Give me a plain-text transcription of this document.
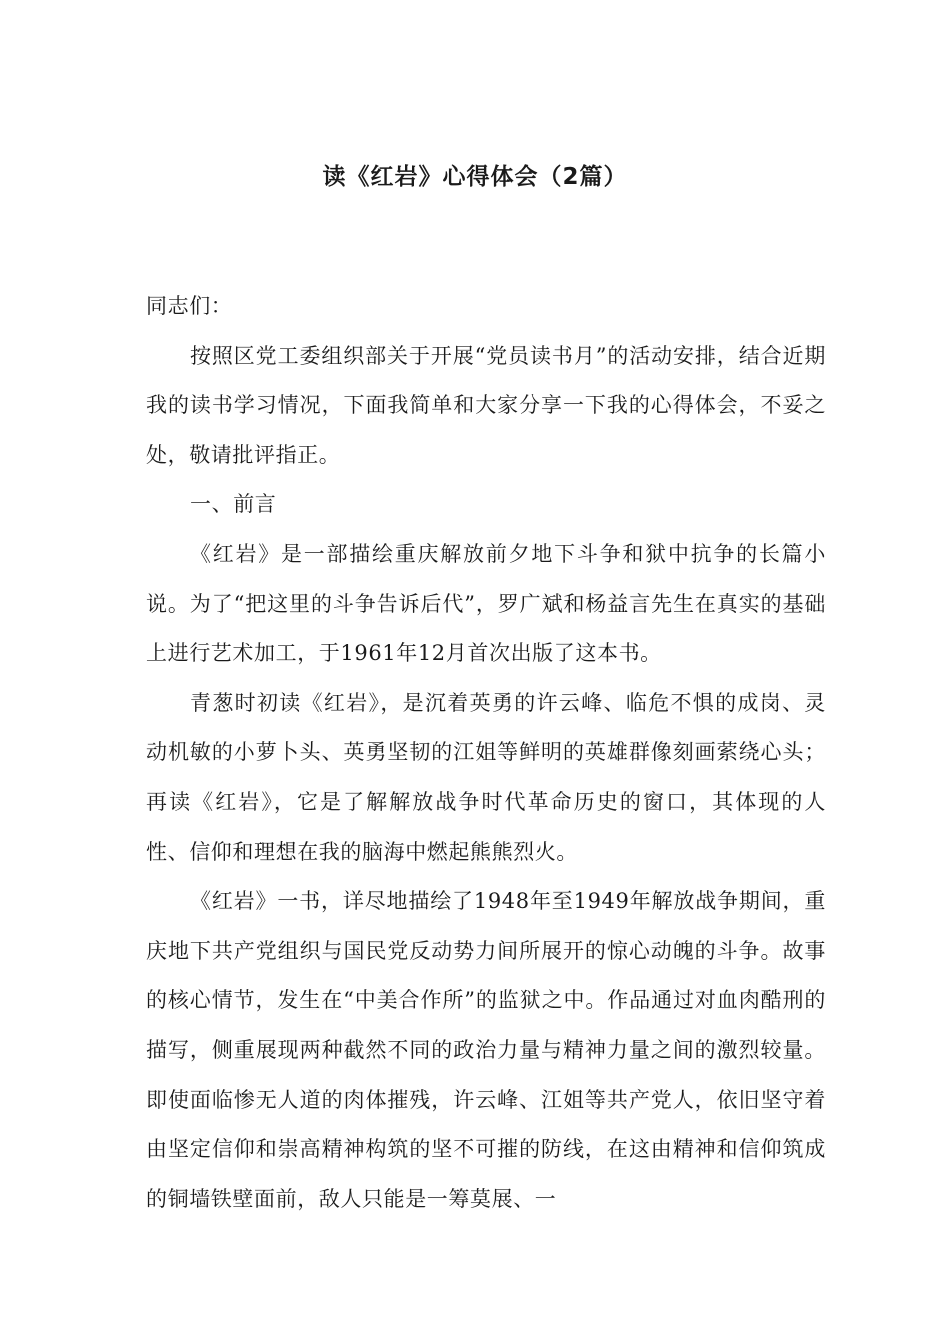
读《红岩》心得体会（2篇）

同志们：

按照区党工委组织部关于开展“党员读书月”的活动安排，结合近期我的读书学习情况，下面我简单和大家分享一下我的心得体会，不妥之处，敬请批评指正。

一、前言

《红岩》是一部描绘重庆解放前夕地下斗争和狱中抗争的长篇小说。为了“把这里的斗争告诉后代”，罗广斌和杨益言先生在真实的基础上进行艺术加工，于1961年12月首次出版了这本书。

青葱时初读《红岩》，是沉着英勇的许云峰、临危不惧的成岗、灵动机敏的小萝卜头、英勇坚韧的江姐等鲜明的英雄群像刻画萦绕心头；再读《红岩》，它是了解解放战争时代革命历史的窗口，其体现的人性、信仰和理想在我的脑海中燃起熊熊烈火。

《红岩》一书，详尽地描绘了1948年至1949年解放战争期间，重庆地下共产党组织与国民党反动势力间所展开的惊心动魄的斗争。故事的核心情节，发生在“中美合作所”的监狱之中。作品通过对血肉酷刑的描写，侧重展现两种截然不同的政治力量与精神力量之间的激烈较量。即使面临惨无人道的肉体摧残，许云峰、江姐等共产党人，依旧坚守着由坚定信仰和崇高精神构筑的坚不可摧的防线，在这由精神和信仰筑成的铜墙铁壁面前，敌人只能是一筹莫展、一
